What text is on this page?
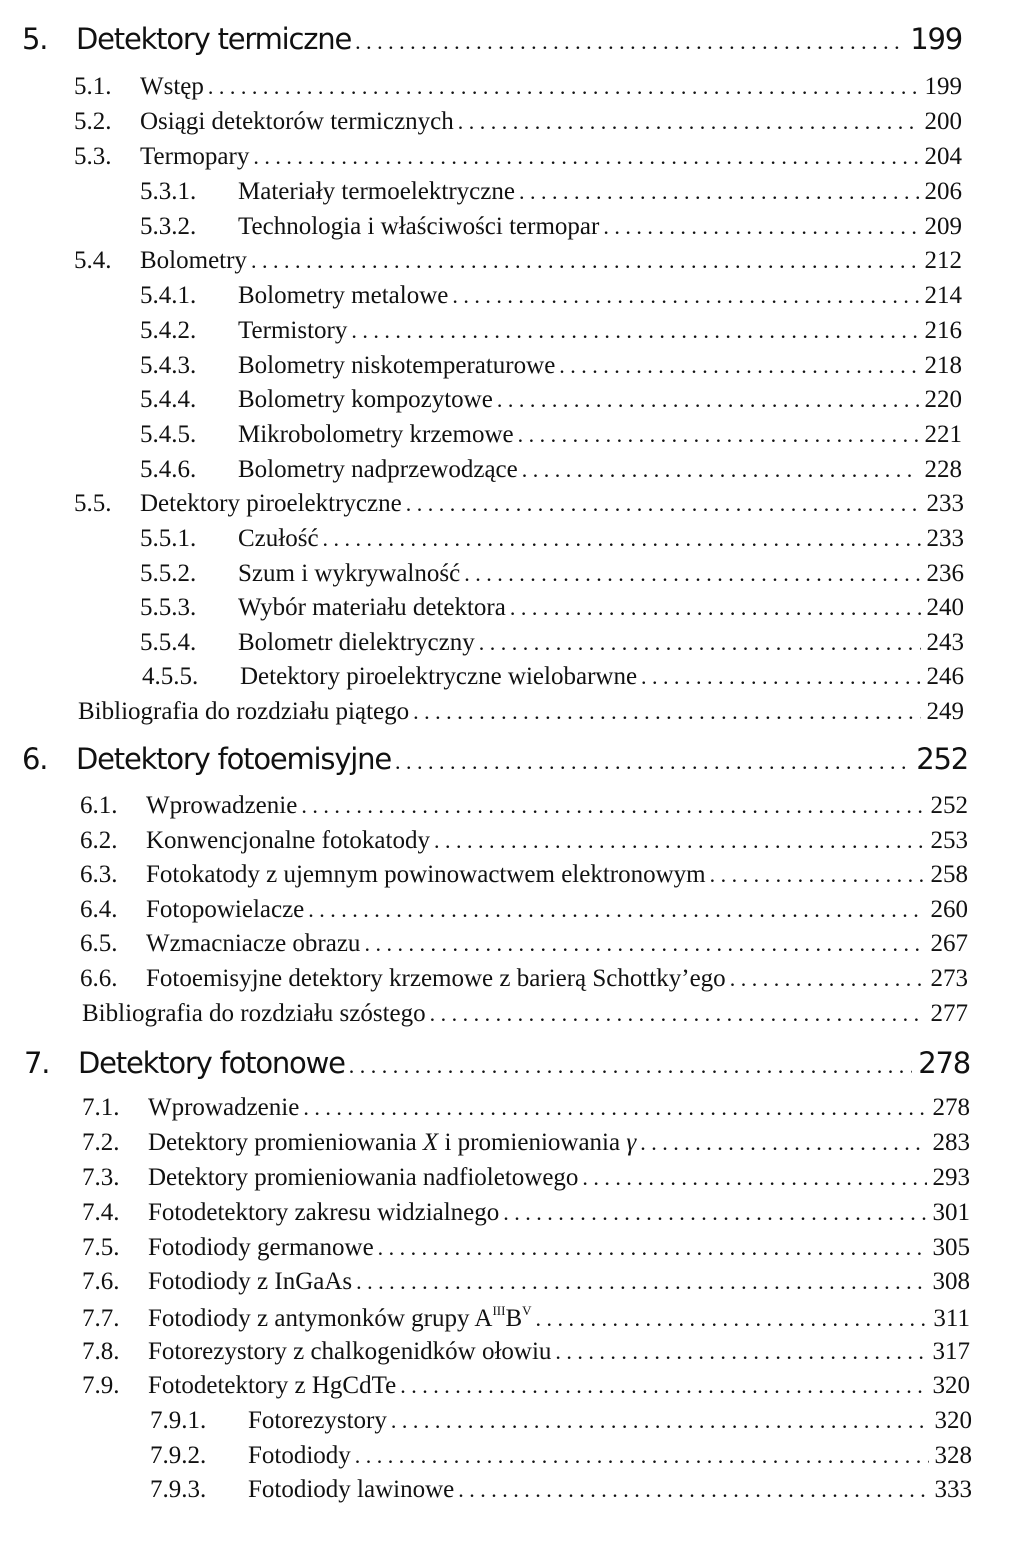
5. Detektory termiczne . . .	199
5.1.	Wstęp . . .	199
5.2.	Osiągi detektorów termicznych . . .	200
5.3.	Termopary . . .	204
5.3.1.	Materiały termoelektryczne . . .	206
5.3.2.	Technologia i właściwości termopar . . .	209
5.4.	Bolometry . . .	212
5.4.1.	Bolometry metalowe . . .	214
5.4.2.	Termistory . . .	216
5.4.3.	Bolometry niskotemperaturowe . . .	218
5.4.4.	Bolometry kompozytowe . . .	220
5.4.5.	Mikrobolometry krzemowe . . .	221
5.4.6.	Bolometry nadprzewodzące . . .	228
5.5.	Detektory piroelektryczne . . .	233
5.5.1.	Czułość . . .	233
5.5.2.	Szum i wykrywalność . . .	236
5.5.3.	Wybór materiału detektora . . .	240
5.5.4.	Bolometr dielektryczny . . .	243
4.5.5.	Detektory piroelektryczne wielobarwne . . .	246
Bibliografia do rozdziału piątego . . .	249
6. Detektory fotoemisyjne . . .	252
6.1.	Wprowadzenie . . .	252
6.2.	Konwencjonalne fotokatody . . .	253
6.3.	Fotokatody z ujemnym powinowactwem elektronowym . . .	258
6.4.	Fotopowielacze . . .	260
6.5.	Wzmacniacze obrazu . . .	267
6.6.	Fotoemisyjne detektory krzemowe z barierą Schottky’ego . . .	273
Bibliografia do rozdziału szóstego . . .	277
7. Detektory fotonowe . . .	278
7.1.	Wprowadzenie . . .	278
7.2.	Detektory promieniowania X i promieniowania γ . . .	283
7.3.	Detektory promieniowania nadfioletowego . . .	293
7.4.	Fotodetektory zakresu widzialnego . . .	301
7.5.	Fotodiody germanowe . . .	305
7.6.	Fotodiody z InGaAs . . .	308
7.7.	Fotodiody z antymonków grupy $A^{III}B^V$ . . .	311
7.8.	Fotorezystory z chalkogenidków ołowiu . . .	317
7.9.	Fotodetektory z HgCdTe . . .	320
7.9.1.	Fotorezystory . . .	320
7.9.2.	Fotodiody . . .	328
7.9.3.	Fotodiody lawinowe . . .	333
